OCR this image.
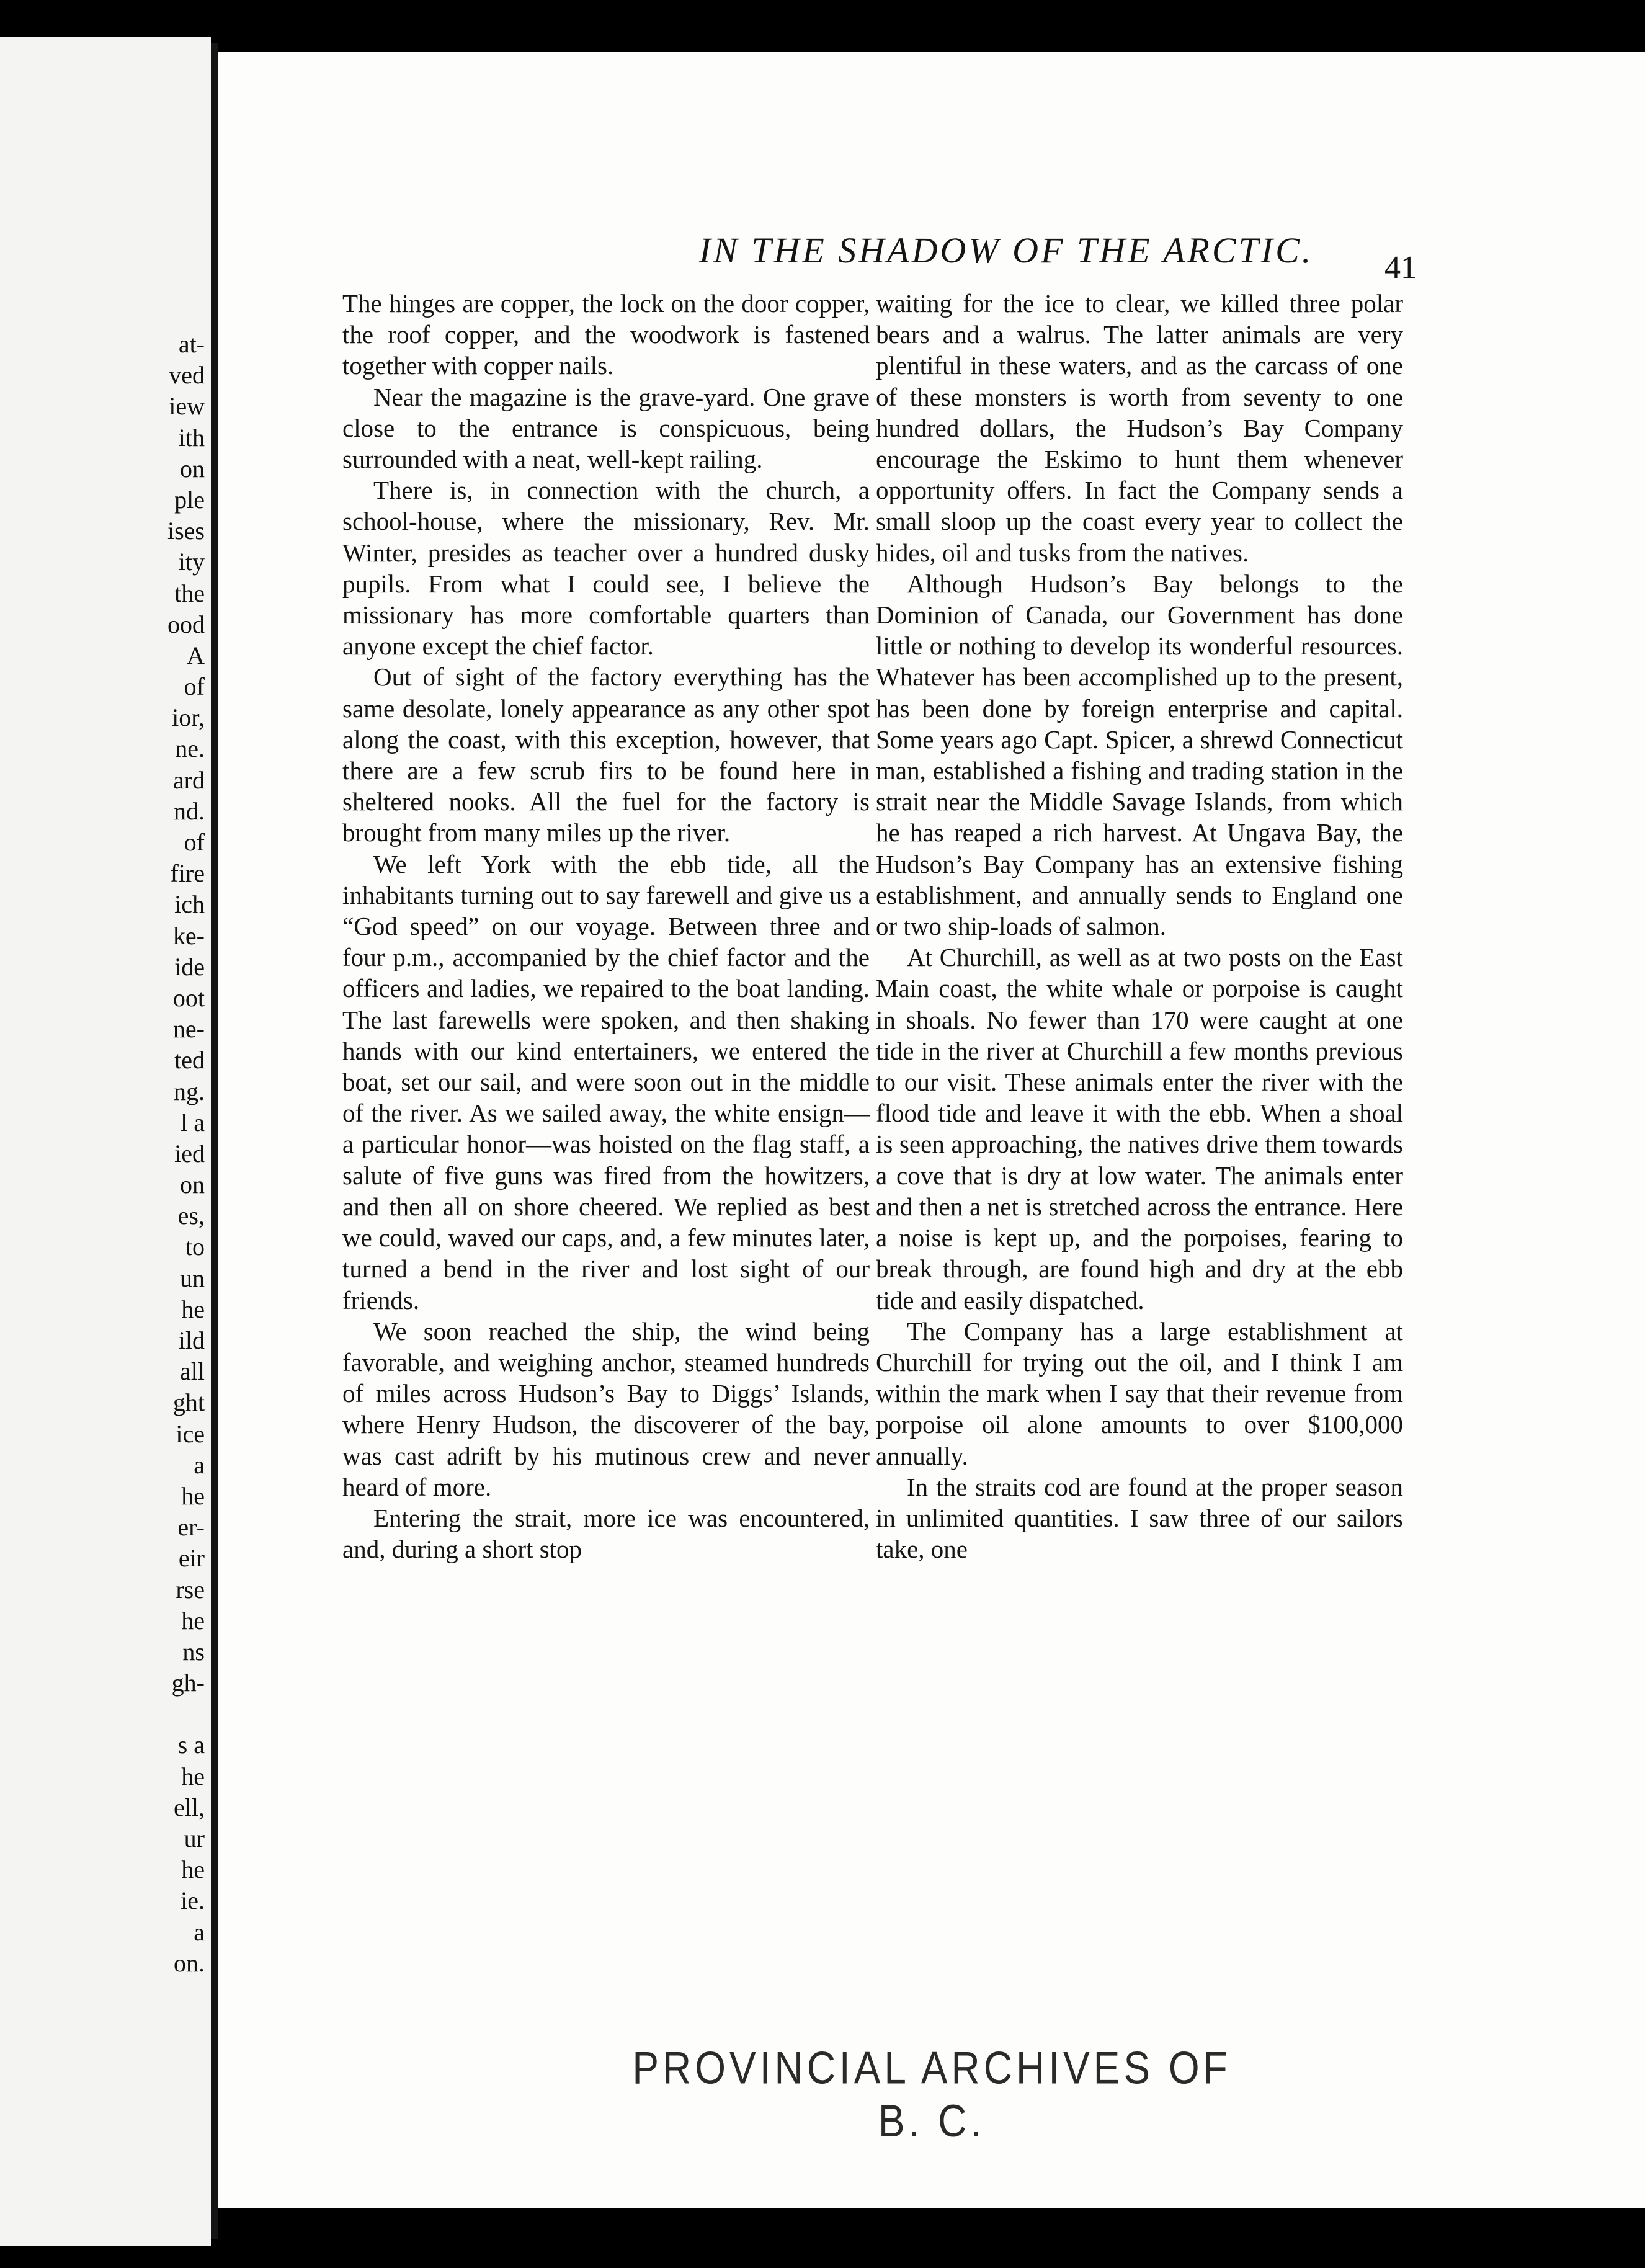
at-
ved
iew
ith
on
ple
ises
ity
the
ood
A
of
ior,
ne.
ard
nd.
of
fire
ich
ke-
ide
oot
ne-
ted
ng.
l a
ied
on
es,
to
un
he
ild
all
ght
ice
a
he
er-
eir
rse
he
ns
gh-
s a
he
ell,
ur
he
ie.
a
on.
IN THE SHADOW OF THE ARCTIC.	41

The hinges are copper, the lock on the door copper, the roof copper, and the woodwork is fastened together with copper nails.

Near the magazine is the grave-yard. One grave close to the entrance is conspicuous, being surrounded with a neat, well-kept railing.

There is, in connection with the church, a school-house, where the missionary, Rev. Mr. Winter, presides as teacher over a hundred dusky pupils. From what I could see, I believe the missionary has more comfortable quarters than anyone except the chief factor.

Out of sight of the factory everything has the same desolate, lonely appearance as any other spot along the coast, with this exception, however, that there are a few scrub firs to be found here in sheltered nooks. All the fuel for the factory is brought from many miles up the river.

We left York with the ebb tide, all the inhabitants turning out to say farewell and give us a “God speed” on our voyage. Between three and four p.m., accompanied by the chief factor and the officers and ladies, we repaired to the boat landing. The last farewells were spoken, and then shaking hands with our kind entertainers, we entered the boat, set our sail, and were soon out in the middle of the river. As we sailed away, the white ensign—a particular honor—was hoisted on the flag staff, a salute of five guns was fired from the howitzers, and then all on shore cheered. We replied as best we could, waved our caps, and, a few minutes later, turned a bend in the river and lost sight of our friends.

We soon reached the ship, the wind being favorable, and weighing anchor, steamed hundreds of miles across Hudson’s Bay to Diggs’ Islands, where Henry Hudson, the discoverer of the bay, was cast adrift by his mutinous crew and never heard of more.

Entering the strait, more ice was encountered, and, during a short stop

waiting for the ice to clear, we killed three polar bears and a walrus. The latter animals are very plentiful in these waters, and as the carcass of one of these monsters is worth from seventy to one hundred dollars, the Hudson’s Bay Company encourage the Eskimo to hunt them whenever opportunity offers. In fact the Company sends a small sloop up the coast every year to collect the hides, oil and tusks from the natives.

Although Hudson’s Bay belongs to the Dominion of Canada, our Government has done little or nothing to develop its wonderful resources. Whatever has been accomplished up to the present, has been done by foreign enterprise and capital. Some years ago Capt. Spicer, a shrewd Connecticut man, established a fishing and trading station in the strait near the Middle Savage Islands, from which he has reaped a rich harvest. At Ungava Bay, the Hudson’s Bay Company has an extensive fishing establishment, and annually sends to England one or two ship-loads of salmon.

At Churchill, as well as at two posts on the East Main coast, the white whale or porpoise is caught in shoals. No fewer than 170 were caught at one tide in the river at Churchill a few months previous to our visit. These animals enter the river with the flood tide and leave it with the ebb. When a shoal is seen approaching, the natives drive them towards a cove that is dry at low water. The animals enter and then a net is stretched across the entrance. Here a noise is kept up, and the porpoises, fearing to break through, are found high and dry at the ebb tide and easily dispatched.

The Company has a large establishment at Churchill for trying out the oil, and I think I am within the mark when I say that their revenue from porpoise oil alone amounts to over $100,000 annually.

In the straits cod are found at the proper season in unlimited quantities. I saw three of our sailors take, one

PROVINCIAL ARCHIVES OF B. C.
